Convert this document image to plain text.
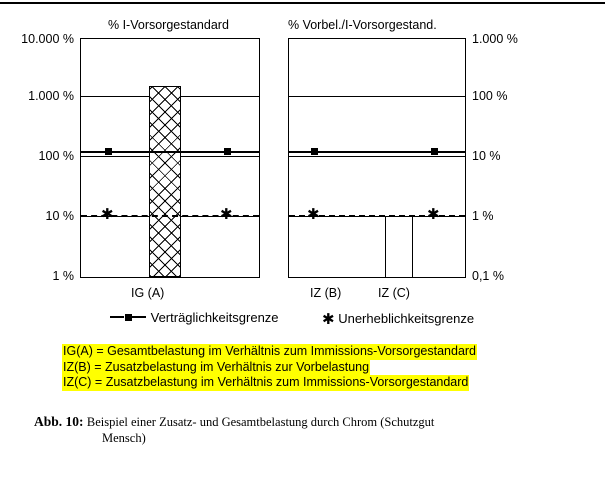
% I-Vorsorgestandard	% Vorbel./I-Vorsorgestand.
✱	✱
10.000 %
1.000 %
100 %
10 %
1 %
IG (A)
✱	✱
1.000 %
100 %
10 %
1 %
0,1 %
IZ (B)	IZ (C)
Verträglichkeitsgrenze	✱ Unerheblichkeitsgrenze
IG(A) = Gesamtbelastung im Verhältnis zum Immissions-Vorsorgestandard
IZ(B) = Zusatzbelastung im Verhältnis zur Vorbelastung
IZ(C) = Zusatzbelastung im Verhältnis zum Immissions-Vorsorgestandard
Abb. 10: Beispiel einer Zusatz- und Gesamtbelastung durch Chrom (Schutzgut
Mensch)
